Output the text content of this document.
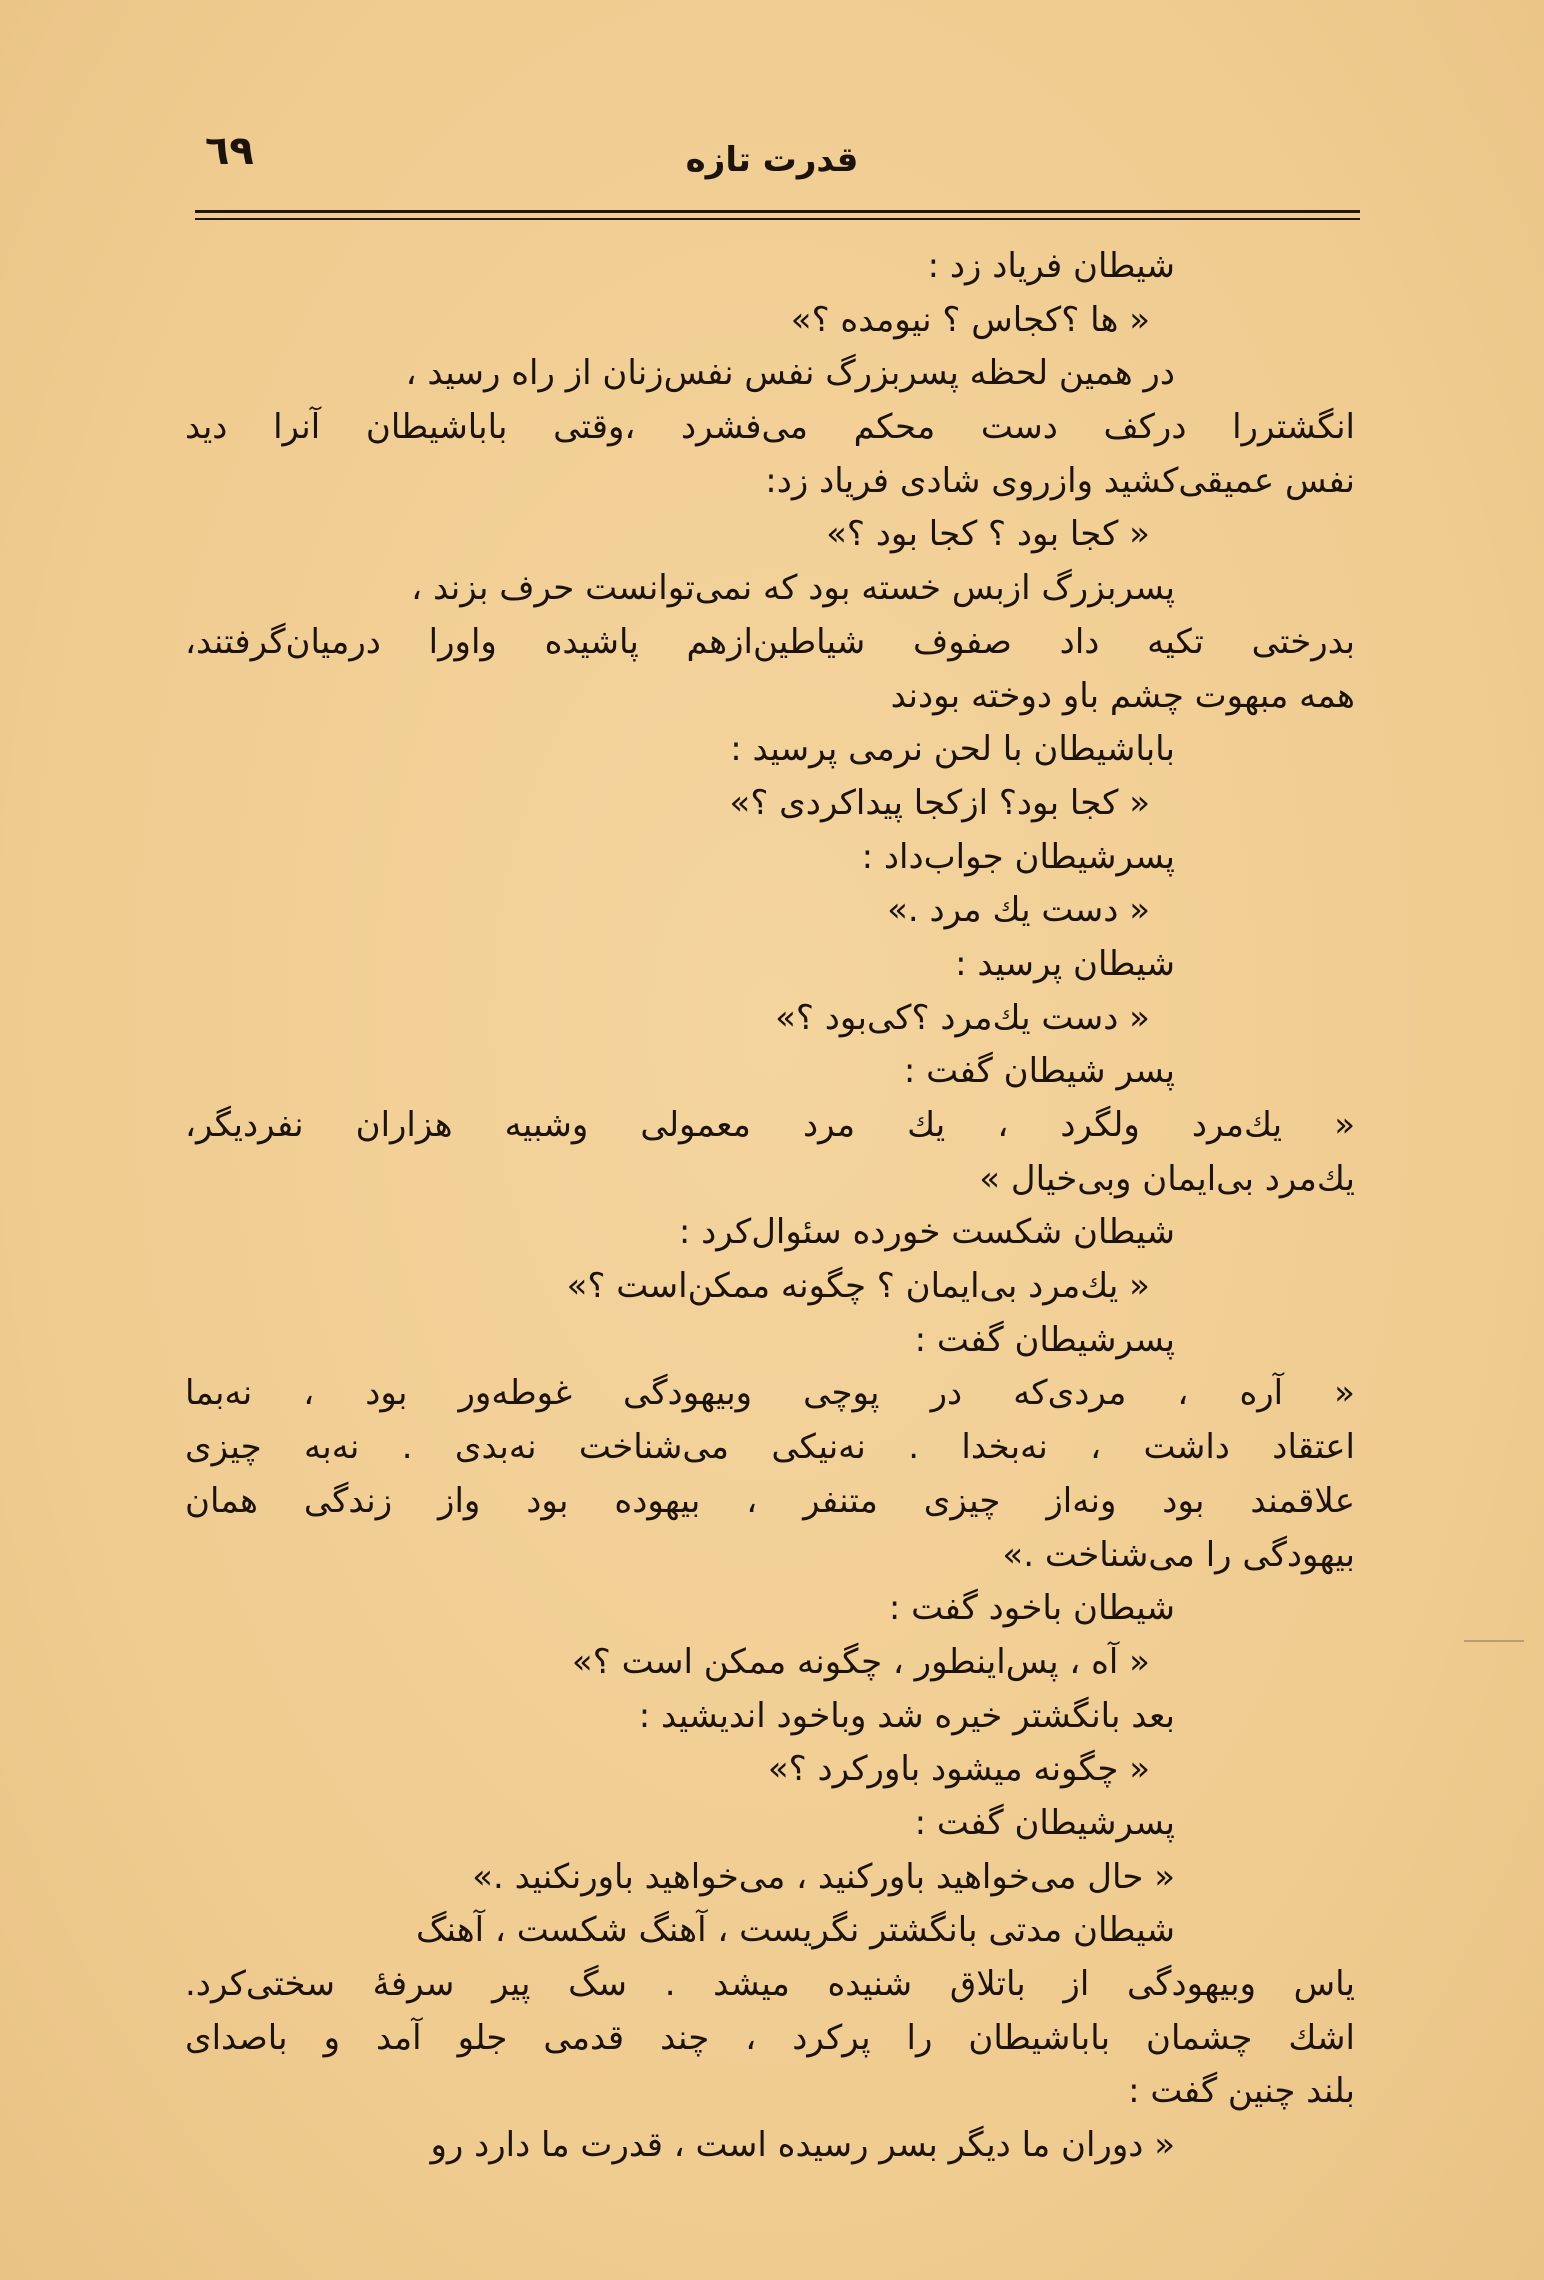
٦٩	قدرت تازه
شیطان فریاد زد :
« ها ؟کجاس ؟ نیومده ؟»
در همین لحظه پسربزرگ نفس نفس‌زنان از راه رسید ،
انگشتررا درکف دست محکم می‌فشرد ،وقتی باباشیطان آنرا دید
نفس عمیقی‌کشید وازروی شادی فریاد زد:
« کجا بود ؟ کجا بود ؟»
پسربزرگ ازبس خسته بود که نمی‌توانست حرف بزند ،
بدرختی تکیه داد صفوف شیاطین‌ازهم پاشیده واورا درمیان‌گرفتند،
همه مبهوت چشم باو دوخته بودند
باباشیطان با لحن نرمی پرسید :
« کجا بود؟ ازکجا پیداکردی ؟»
پسرشیطان جواب‌داد :
« دست یك مرد .»
شیطان پرسید :
« دست یك‌مرد ؟کی‌بود ؟»
پسر شیطان گفت :
« یك‌مرد ولگرد ، یك مرد معمولی وشبیه هزاران نفردیگر،
یك‌مرد بی‌ایمان وبی‌خیال »
شیطان شکست خورده سئوال‌کرد :
« یك‌مرد بی‌ایمان ؟ چگونه ممکن‌است ؟»
پسرشیطان گفت :
« آره ، مردی‌که در پوچی وبیهودگی غوطه‌ور بود ، نه‌بما
اعتقاد داشت ، نه‌بخدا . نه‌نیکی می‌شناخت نه‌بدی . نه‌به چیزی
علاقمند بود ونه‌از چیزی متنفر ، بیهوده بود واز زندگی همان
بیهودگی را می‌شناخت .»
شیطان باخود گفت :
« آه ، پس‌اینطور ، چگونه ممکن است ؟»
بعد بانگشتر خیره شد وباخود اندیشید :
« چگونه میشود باورکرد ؟»
پسرشیطان گفت :
« حال می‌خواهید باورکنید ، می‌خواهید باورنکنید .»
شیطان مدتی بانگشتر نگریست ، آهنگ شکست ، آهنگ
یاس وبیهودگی از باتلاق شنیده میشد . سگ پیر سرفهٔ سختی‌کرد.
اشك چشمان باباشیطان را پرکرد ، چند قدمی جلو آمد و باصدای
بلند چنین گفت :
« دوران ما دیگر بسر رسیده است ، قدرت ما دارد رو
